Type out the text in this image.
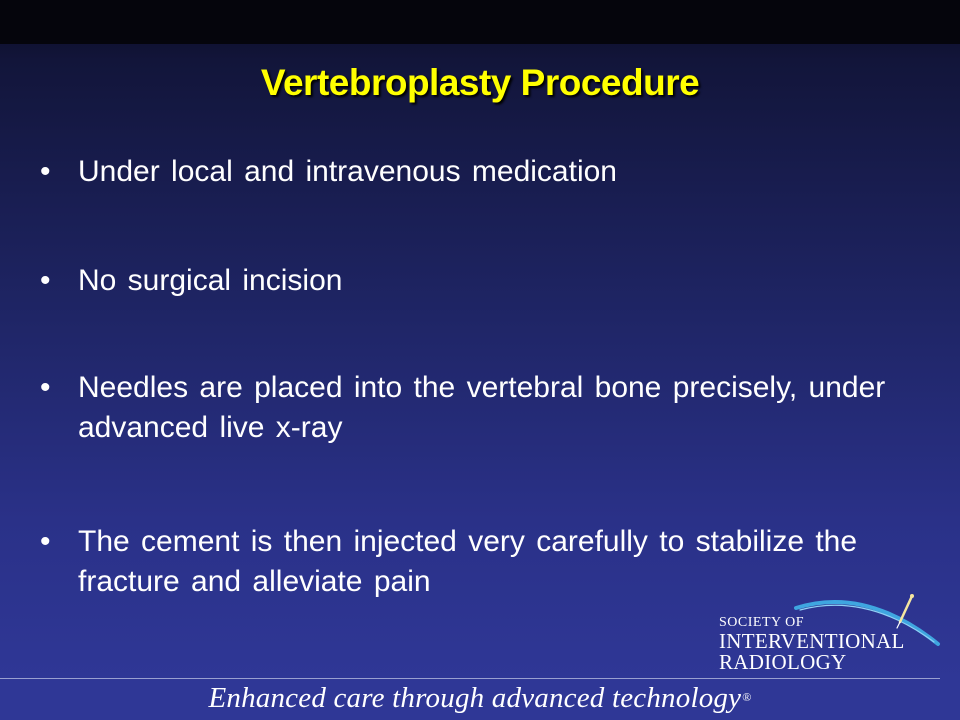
Vertebroplasty Procedure
• Under local and intravenous medication
• No surgical incision
• Needles are placed into the vertebral bone precisely, under advanced live x-ray
• The cement is then injected very carefully to stabilize the fracture and alleviate pain
SOCIETY OF
INTERVENTIONAL
RADIOLOGY
Enhanced care through advanced technology®
